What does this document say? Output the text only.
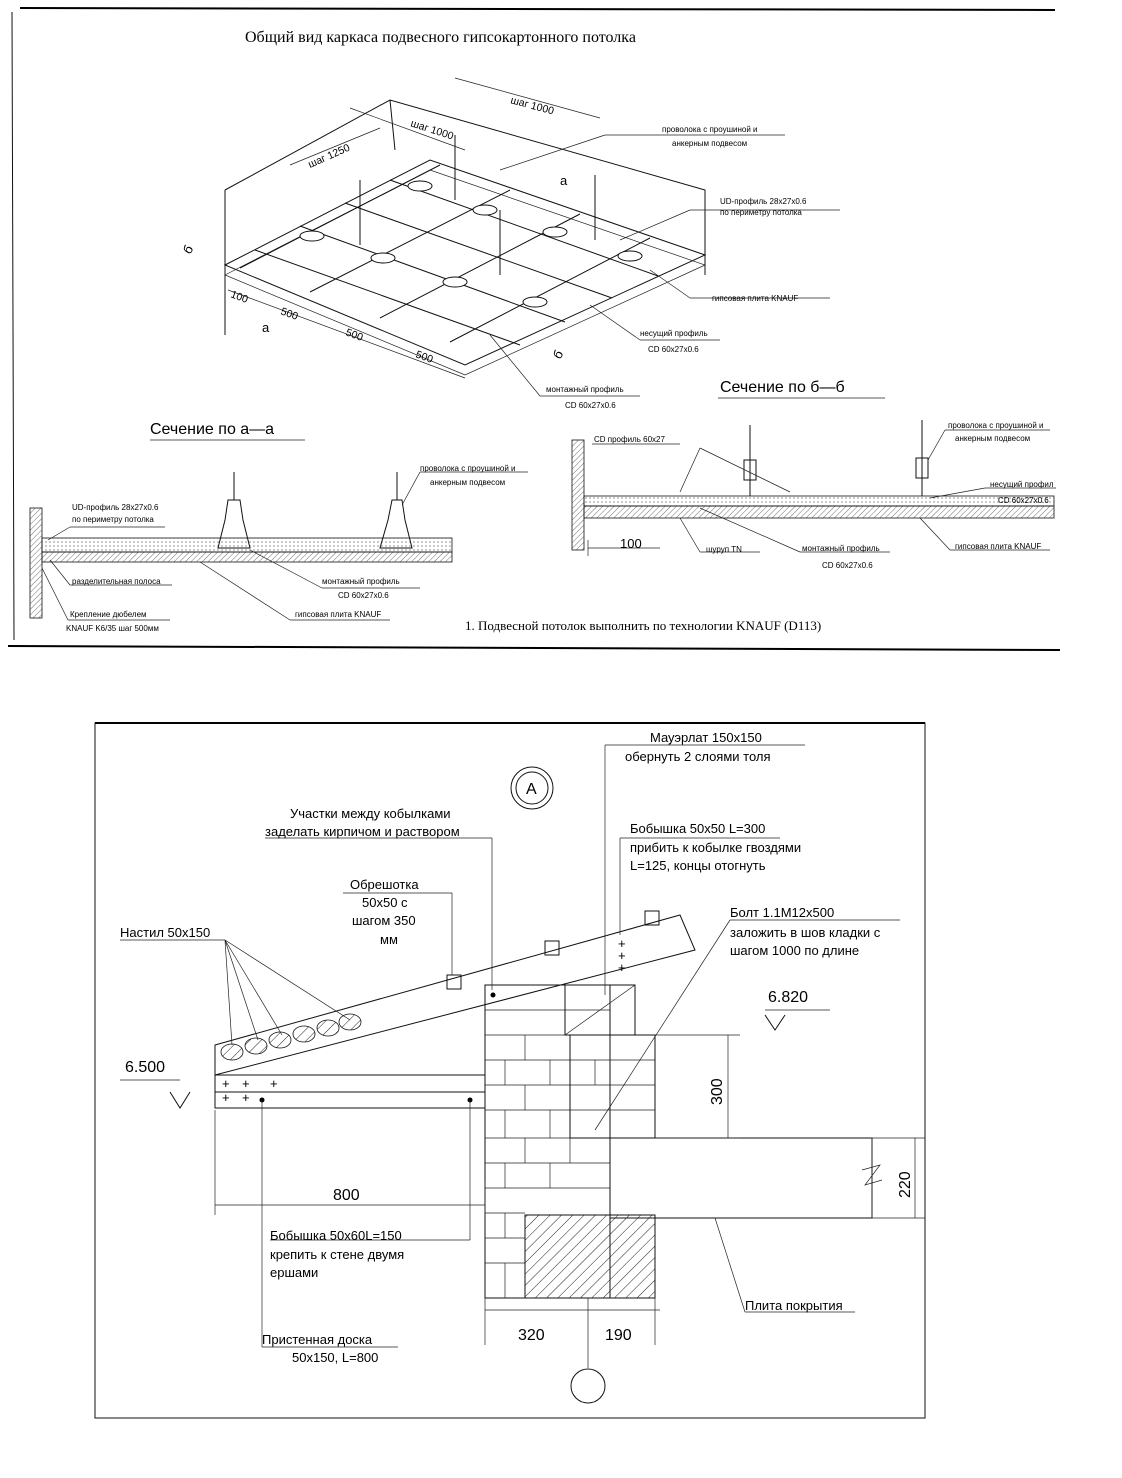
Общий вид каркаса подвесного гипсокартонного потолка
шаг 1000
шаг 1000
шаг 1250
100
500
500
500
а
а
б
б
проволока с проушиной и
анкерным подвесом
UD-профиль 28х27х0.6
по периметру потолка
гипсовая плита KNAUF
несущий профиль
CD 60х27х0.6
монтажный профиль
CD 60х27х0.6
Сечение по а—а
проволока с проушиной и
анкерным подвесом
UD-профиль 28х27х0.6
по периметру потолка
разделительная полоса	монтажный профиль
CD 60х27х0.6
гипсовая плита KNAUF
Крепление дюбелем
KNAUF K6/35 шаг 500мм
Сечение по б—б
CD профиль 60х27
проволока с проушиной и
анкерным подвесом
несущий профил
CD 60х27х0.6
100	шуруп TN	монтажный профиль
CD 60х27х0.6
гипсовая плита KNAUF
1. Подвесной потолок выполнить по технологии KNAUF (D113)
А
+ + +
+ +
+
+
+
Мауэрлат 150х150
обернуть 2 слоями толя
Участки между кобылками
заделать кирпичом и раствором	Бобышка 50х50 L=300
прибить к кобылке гвоздями
L=125, концы отогнуть
Обрешотка
50х50 с
шагом 350
мм
Болт 1.1М12х500
заложить в шов кладки с
шагом 1000 по длине
Настил 50х150
6.820
6.500
300
220
800
Бобышка 50х60L=150
крепить к стене двумя
ершами
Плита покрытия
320	190
Пристенная доска
50х150, L=800
